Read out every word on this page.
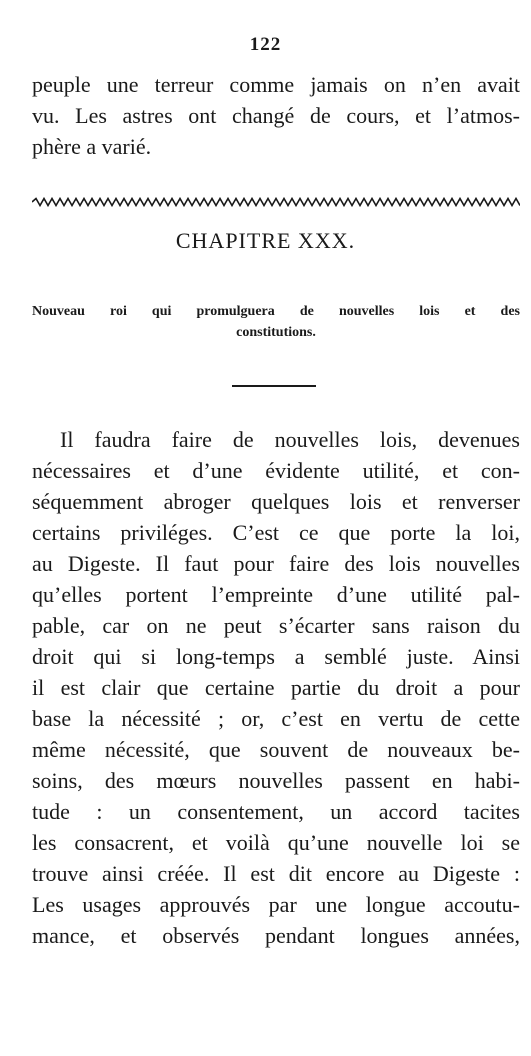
122
peuple une terreur comme jamais on n’en avait
vu. Les astres ont changé de cours, et l’atmos-
phère a varié.
CHAPITRE XXX.
Nouveau roi qui promulguera de nouvelles lois et des
constitutions.
Il faudra faire de nouvelles lois, devenues
nécessaires et d’une évidente utilité, et con-
séquemment abroger quelques lois et renverser
certains priviléges. C’est ce que porte la loi,
au Digeste. Il faut pour faire des lois nouvelles
qu’elles portent l’empreinte d’une utilité pal-
pable, car on ne peut s’écarter sans raison du
droit qui si long-temps a semblé juste. Ainsi
il est clair que certaine partie du droit a pour
base la nécessité ; or, c’est en vertu de cette
même nécessité, que souvent de nouveaux be-
soins, des mœurs nouvelles passent en habi-
tude : un consentement, un accord tacites
les consacrent, et voilà qu’une nouvelle loi se
trouve ainsi créée. Il est dit encore au Digeste :
Les usages approuvés par une longue accoutu-
mance, et observés pendant longues années,
